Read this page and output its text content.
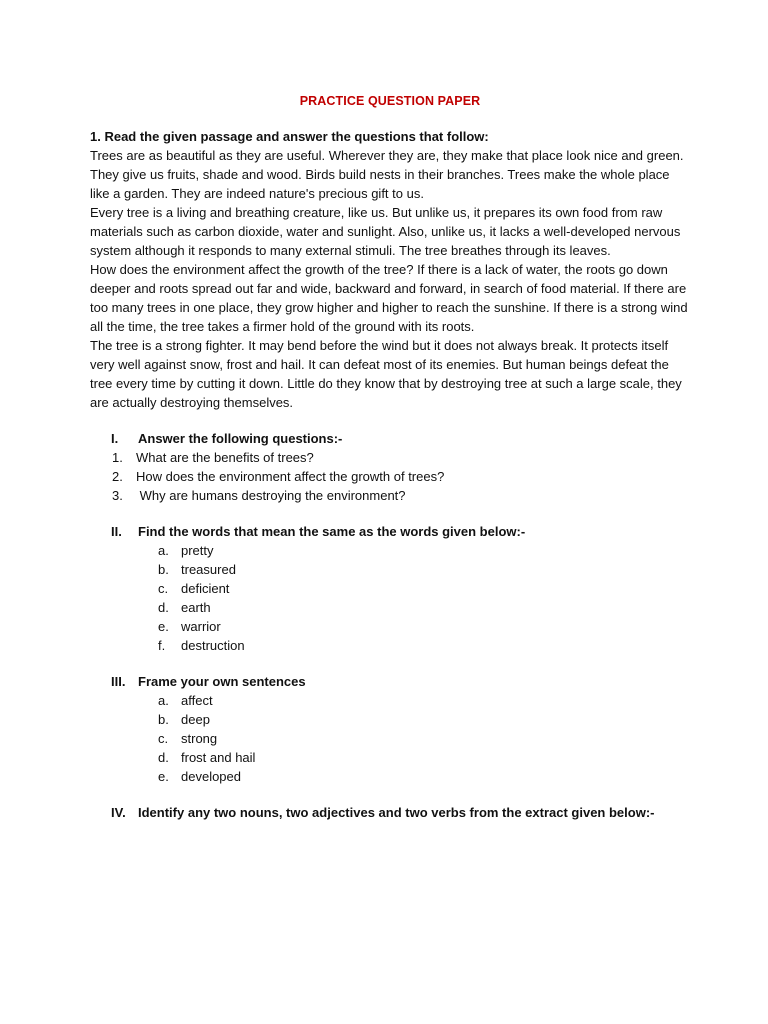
PRACTICE QUESTION PAPER

1. Read the given passage and answer the questions that follow:

Trees are as beautiful as they are useful. Wherever they are, they make that place look nice and green. They give us fruits, shade and wood. Birds build nests in their branches. Trees make the whole place like a garden. They are indeed nature's precious gift to us.

Every tree is a living and breathing creature, like us. But unlike us, it prepares its own food from raw materials such as carbon dioxide, water and sunlight. Also, unlike us, it lacks a well-developed nervous system although it responds to many external stimuli. The tree breathes through its leaves.

How does the environment affect the growth of the tree? If there is a lack of water, the roots go down deeper and roots spread out far and wide, backward and forward, in search of food material. If there are too many trees in one place, they grow higher and higher to reach the sunshine. If there is a strong wind all the time, the tree takes a firmer hold of the ground with its roots.

The tree is a strong fighter. It may bend before the wind but it does not always break. It protects itself very well against snow, frost and hail. It can defeat most of its enemies. But human beings defeat the tree every time by cutting it down. Little do they know that by destroying tree at such a large scale, they are actually destroying themselves.

I.	Answer the following questions:-
1.	What are the benefits of trees?
2.	How does the environment affect the growth of trees?
3.	Why are humans destroying the environment?
II.	Find the words that mean the same as the words given below:-
a. pretty
b. treasured
c. deficient
d. earth
e. warrior
f.	destruction
III. Frame your own sentences
a. affect
b. deep
c. strong
d. frost and hail
e. developed
IV. Identify any two nouns, two adjectives and two verbs from the extract given below:-
